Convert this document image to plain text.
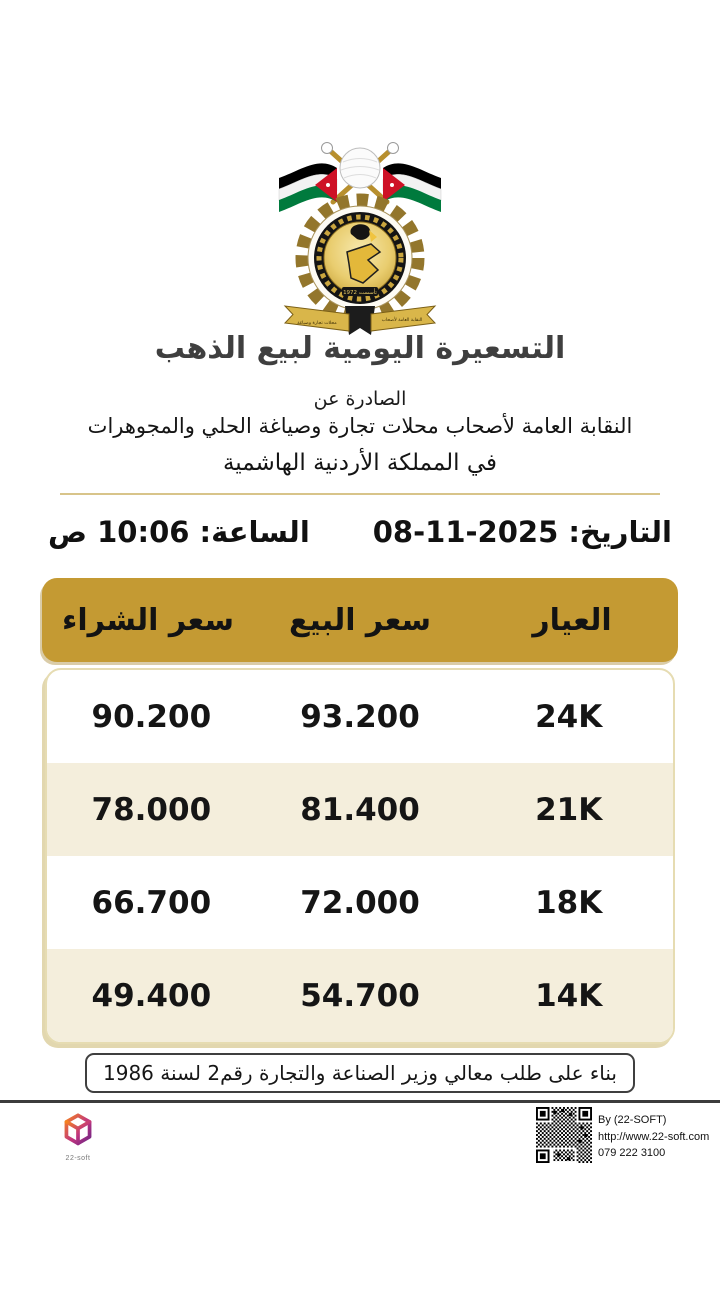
تأسست 1972
النقابة العامة لأصحاب
محلات تجارة وصياغة
التسعيرة اليومية لبيع الذهب
الصادرة عن
النقابة العامة لأصحاب محلات تجارة وصياغة الحلي والمجوهرات
في المملكة الأردنية الهاشمية
التاريخ: 08-11-2025
الساعة: 10:06 ص
العيار
سعر البيع
سعر الشراء
24K
93.200
90.200
21K
81.400
78.000
18K
72.000
66.700
14K
54.700
49.400
بناء على طلب معالي وزير الصناعة والتجارة رقم2 لسنة 1986
22-soft
By (22-SOFT)
http://www.22-soft.com
079 222 3100
